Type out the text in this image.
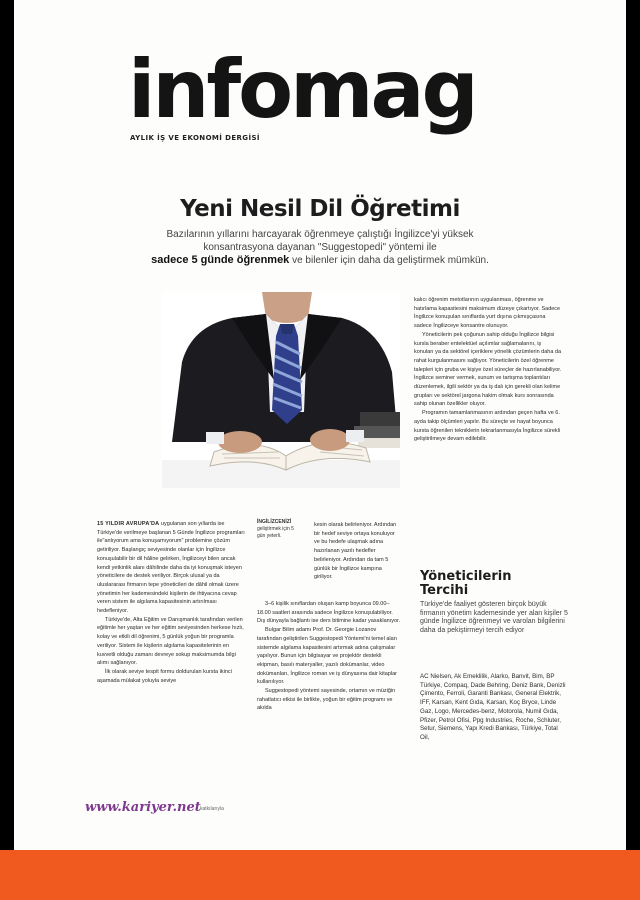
infomag
AYLIK İŞ VE EKONOMİ DERGİSİ
Yeni Nesil Dil Öğretimi
Bazılarının yıllarını harcayarak öğrenmeye çalıştığı İngilizce'yi yüksek konsantrasyona dayanan "Suggestopedi" yöntemi ile
sadece 5 günde öğrenmek ve bilenler için daha da geliştirmek mümkün.

15 YILDIR AVRUPA'DA uygulanan son yıllarda ise Türkiye'de verilmeye başlanan 5 Günde İngilizce programları ile"anlıyorum ama konuşamıyorum" problemine çözüm getiriliyor. Başlangıç seviyesinde olanlar için İngilizce konuşulabilir bir dil hâline gelirken, İngilizceyi bilen ancak kendi yetkinlik alanı dâhilinde daha da iyi konuşmak isteyen yöneticilere de destek veriliyor. Birçok ulusal ya da uluslararası firmanın tepe yöneticileri de dâhil olmak üzere yönetimin her kademesindeki kişilerin de ihtiyacına cevap veren sistem ile algılama kapasitesinin artırılması hedefleniyor.

Türkiye'de, Alta Eğitim ve Danışmanlık tarafından verilen eğitimle her yaştan ve her eğitim seviyesinden herkese hızlı, kolay ve etkili dil öğrenimi, 5 günlük yoğun bir programla veriliyor. Sistem ile kişilerin algılama kapasitelerinin en kuvvetli olduğu zamanı devreye sokup maksimumda bilgi alımı sağlanıyor.

İlk olarak seviye tespit formu doldurulan kursta ikinci aşamada mülakat yoluyla seviye

İNGİLİZCENİZİ
geliştirmek için 5 gün yeterli.

kesin olarak belirleniyor. Ardından bir hedef seviye ortaya konuluyor ve bu hedefe ulaşmak adına hazırlanan yazılı hedefler belirleniyor. Ardından da tam 5 günlük bir İngilizce kampına giriliyor.

3–6 kişilik sınıflardan oluşan kamp boyunca 09.00–18.00 saatleri arasında sadece İngilizce konuşulabiliyor. Dış dünyayla bağlantı ise ders bitimine kadar yasaklanıyor.

Bulgar Bilim adamı Prof. Dr. Georgie Lozanov tarafından geliştirilen Suggestopedi Yöntemi'ni temel alan sistemde algılama kapasitesini artırmak adına çalışmalar yapılıyor. Bunun için bilgisayar ve projektör destekli ekipman, basılı materyaller, yazılı dokümanlar, video dokümanları, İngilizce roman ve iş dünyasına dair kitaplar kullanılıyor.

Suggestopedi yöntemi sayesinde, ortamın ve müziğin rahatlatıcı etkisi ile birlikte, yoğun bir eğitim programı ve akılda

kalıcı öğrenim metotlarının uygulanması, öğrenme ve hatırlama kapasitesini maksimum düzeye çıkartıyor. Sadece İngilizce konuşulan sınıflarda yurt dışına çıkmışçasına sadece İngilizceye konsantre olunuyor.

Yöneticilerin pek çoğunun sahip olduğu İngilizce bilgisi kursla beraber entelektüel açılımlar sağlamalarını, iş konuları ya da sektörel içeriklere yönelik çözümlerin daha da rahat kurgulanmasını sağlıyor. Yöneticilerin özel öğrenme talepleri için gruba ve kişiye özel süreçler de hazırlanabiliyor. İngilizce seminer vermek, sunum ve tartışma toplantıları düzenlemek, ilgili sektör ya da iş dalı için gerekli olan kelime grupları ve sektörel jargona hakim olmak kurs sonrasında sahip olunan özellikler oluyor.

Programın tamamlanmasının ardından geçen hafta ve 6. ayda takip ölçümleri yapılır. Bu süreçte ve hayat boyunca kursta öğrenilen tekniklerin tekrarlanmasıyla İngilizce sürekli geliştirilmeye devam edilebilir.

Yöneticilerin Tercihi
Türkiye'de faaliyet gösteren birçok büyük firmanın yönetim kademesinde yer alan kişiler 5 günde İngilizce öğrenmeyi ve varolan bilgilerini daha da pekiştirmeyi tercih ediyor
AC Nielsen, Ak Emeklilik, Alarko, Banvit, Bim, BP Türkiye, Compaq, Dade Behring, Deniz Bank, Denizli Çimento, Ferroli, Garanti Bankası, General Elektrik, IFF, Karsan, Kent Gıda, Karsan, Koç Bryce, Linde Gaz, Logo, Mercedes-benz, Motorola, Numil Gıda, Pfizer, Petrol Ofisi, Ppg Industries, Roche, Schluter, Setur, Siemens, Yapı Kredi Bankası, Türkiye, Total Oil,
www.kariyer.net katkılarıyla
